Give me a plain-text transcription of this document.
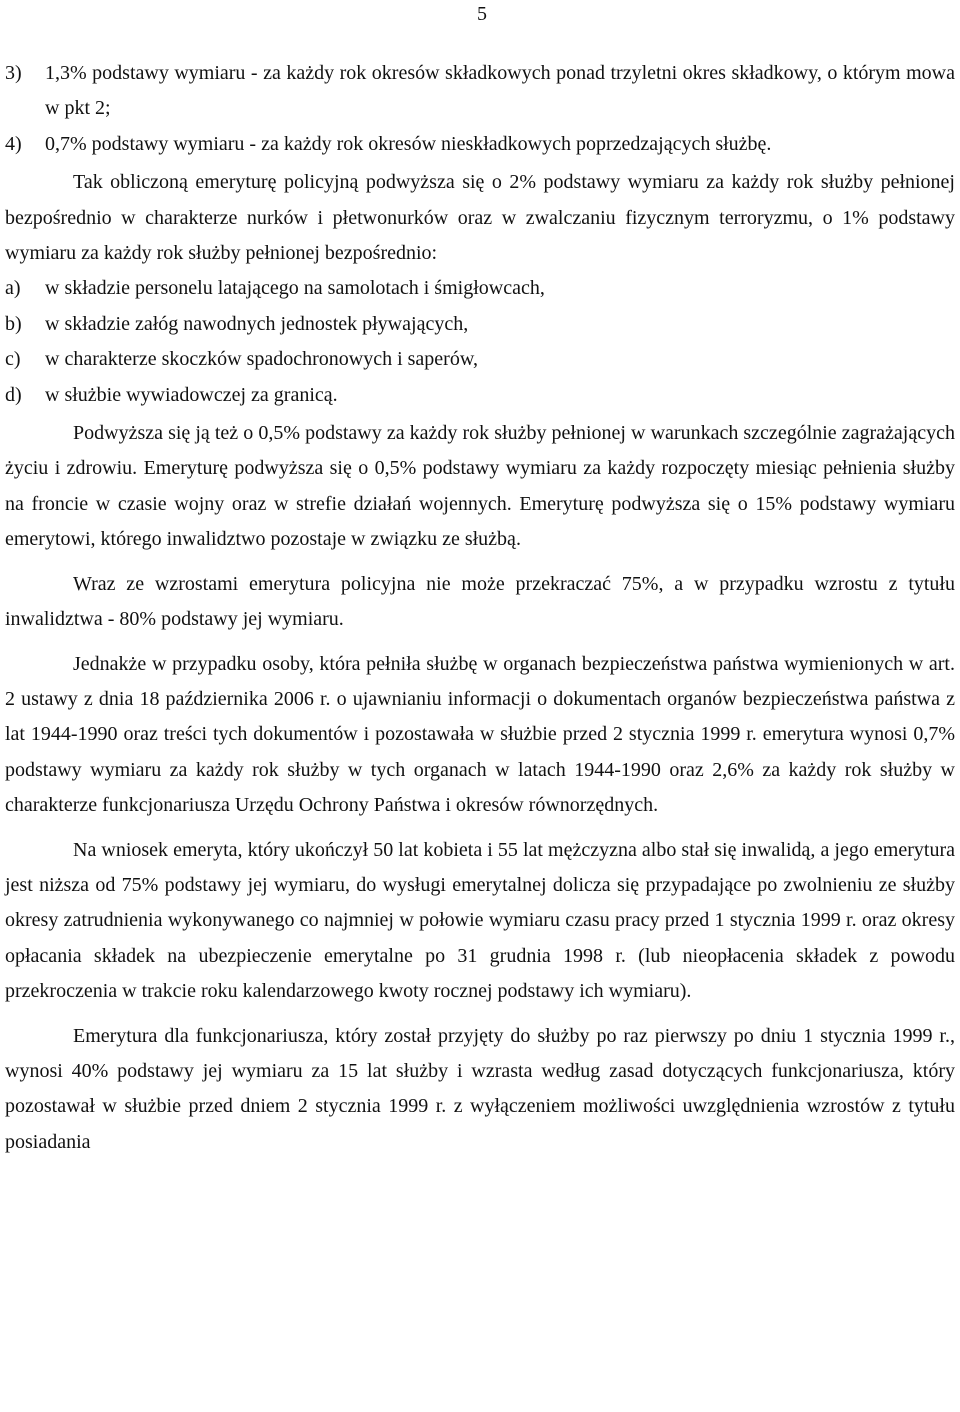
5

3) 1,3% podstawy wymiaru - za każdy rok okresów składkowych ponad trzyletni okres składkowy, o którym mowa w pkt 2;

4) 0,7% podstawy wymiaru - za każdy rok okresów nieskładkowych poprzedzających służbę.

Tak obliczoną emeryturę policyjną podwyższa się o 2% podstawy wymiaru za każdy rok służby pełnionej bezpośrednio w charakterze nurków i płetwonurków oraz w zwalczaniu fizycznym terroryzmu, o 1% podstawy wymiaru za każdy rok służby pełnionej bezpośrednio:

a) w składzie personelu latającego na samolotach i śmigłowcach,

b) w składzie załóg nawodnych jednostek pływających,

c) w charakterze skoczków spadochronowych i saperów,

d) w służbie wywiadowczej za granicą.

Podwyższa się ją też o 0,5% podstawy za każdy rok służby pełnionej w warunkach szczególnie zagrażających życiu i zdrowiu. Emeryturę podwyższa się o 0,5% podstawy wymiaru za każdy rozpoczęty miesiąc pełnienia służby na froncie w czasie wojny oraz w strefie działań wojennych. Emeryturę podwyższa się o 15% podstawy wymiaru emerytowi, którego inwalidztwo pozostaje w związku ze służbą.

Wraz ze wzrostami emerytura policyjna nie może przekraczać 75%, a w przypadku wzrostu z tytułu inwalidztwa - 80% podstawy jej wymiaru.

Jednakże w przypadku osoby, która pełniła służbę w organach bezpieczeństwa państwa wymienionych w art. 2 ustawy z dnia 18 października 2006 r. o ujawnianiu informacji o dokumentach organów bezpieczeństwa państwa z lat 1944-1990 oraz treści tych dokumentów i pozostawała w służbie przed 2 stycznia 1999 r. emerytura wynosi 0,7% podstawy wymiaru za każdy rok służby w tych organach w latach 1944-1990 oraz 2,6% za każdy rok służby w charakterze funkcjonariusza Urzędu Ochrony Państwa i okresów równorzędnych.

Na wniosek emeryta, który ukończył 50 lat kobieta i 55 lat mężczyzna albo stał się inwalidą, a jego emerytura jest niższa od 75% podstawy jej wymiaru, do wysługi emerytalnej dolicza się przypadające po zwolnieniu ze służby okresy zatrudnienia wykonywanego co najmniej w połowie wymiaru czasu pracy przed 1 stycznia 1999 r. oraz okresy opłacania składek na ubezpieczenie emerytalne po 31 grudnia 1998 r. (lub nieopłacenia składek z powodu przekroczenia w trakcie roku kalendarzowego kwoty rocznej podstawy ich wymiaru).

Emerytura dla funkcjonariusza, który został przyjęty do służby po raz pierwszy po dniu 1 stycznia 1999 r., wynosi 40% podstawy jej wymiaru za 15 lat służby i wzrasta według zasad dotyczących funkcjonariusza, który pozostawał w służbie przed dniem 2 stycznia 1999 r. z wyłączeniem możliwości uwzględnienia wzrostów z tytułu posiadania
